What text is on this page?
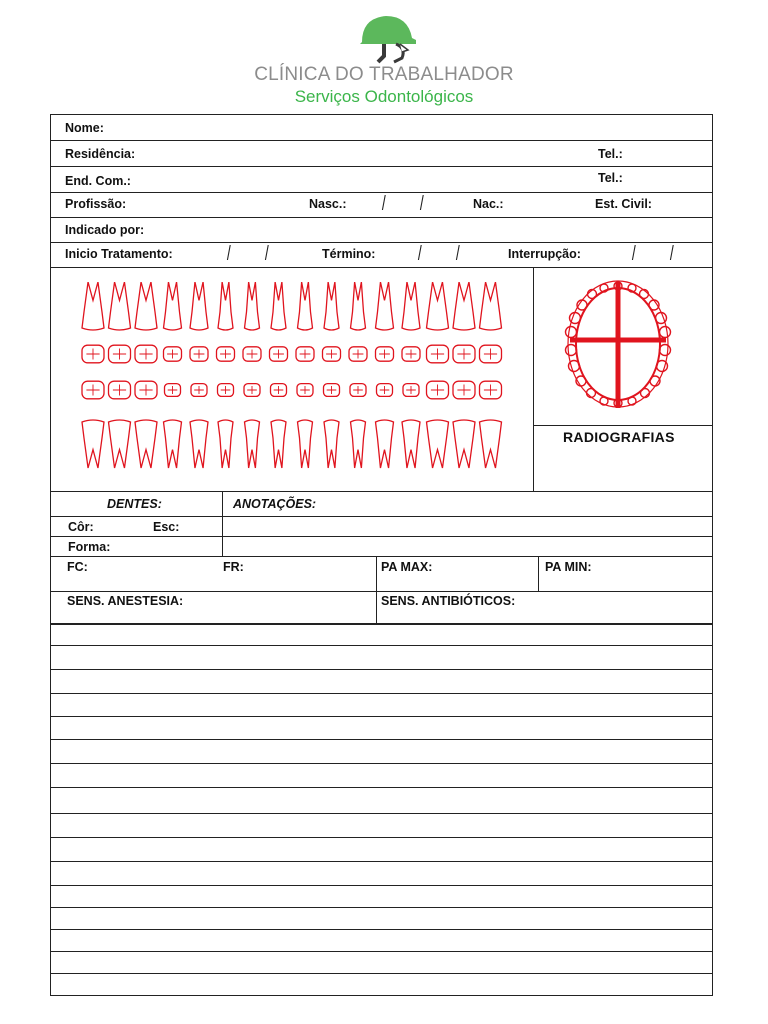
CLÍNICA DO TRABALHADOR
Serviços Odontológicos
Nome:
Residência:	Tel.:
End. Com.:	Tel.:
Profissão:	Nasc.: / /	Nac.:	Est. Civil:
Indicado por:
Inicio Tratamento:	/ /	Término: / /	Interrupção:	/ /
RADIOGRAFIAS
DENTES:	ANOTAÇÕES:
Côr:	Esc:
Forma:
FC:	FR:	PA MAX:	PA MIN:
SENS. ANESTESIA:	SENS. ANTIBIÓTICOS:
